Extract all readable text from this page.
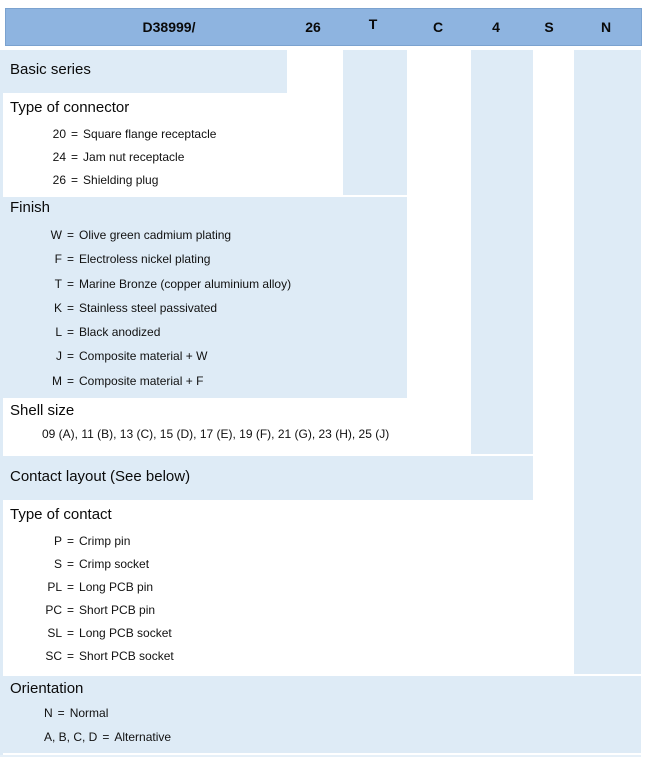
D38999/	26	T	C	4	S	N
Basic series
Type of connector
20 = Square flange receptacle
24 = Jam nut receptacle
26 = Shielding plug
Finish
W = Olive green cadmium plating
F = Electroless nickel plating
T = Marine Bronze (copper aluminium alloy)
K = Stainless steel passivated
L = Black anodized
J = Composite material + W
M = Composite material + F
Shell size
09 (A), 11 (B), 13 (C), 15 (D), 17 (E), 19 (F), 21 (G), 23 (H), 25 (J)
Contact layout (See below)
Type of contact
P = Crimp pin
S = Crimp socket
PL = Long PCB pin
PC = Short PCB pin
SL = Long PCB socket
SC = Short PCB socket
Orientation
N = Normal
A, B, C, D = Alternative
